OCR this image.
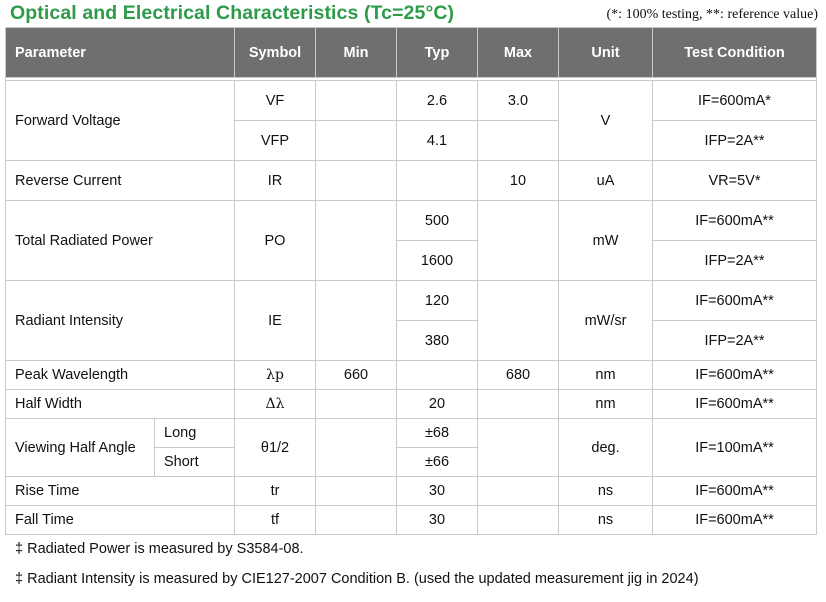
Optical and Electrical Characteristics (Tc=25°C)	(*: 100% testing, **: reference value)
Parameter		Symbol	Min	Typ	Max	Unit	Test Condition

Forward Voltage		VF		2.6	3.0	V	IF=600mA*
		VFP		4.1			IFP=2A**
Reverse Current		IR			10	uA	VR=5V*
Total Radiated Power		PO		500		mW	IF=600mA**
				1600			IFP=2A**
Radiant Intensity		IE		120		mW/sr	IF=600mA**
				380			IFP=2A**
Peak Wavelength		λp	660		680	nm	IF=600mA**
Half Width		Δλ		20		nm	IF=600mA**
Viewing Half Angle	Long	θ1/2		±68		deg.	IF=100mA**
	Short			±66			
Rise Time		tr		30		ns	IF=600mA**
Fall Time		tf		30		ns	IF=600mA**
‡ Radiated Power is measured by S3584-08.
‡ Radiant Intensity is measured by CIE127-2007 Condition B. (used the updated measurement jig in 2024)
